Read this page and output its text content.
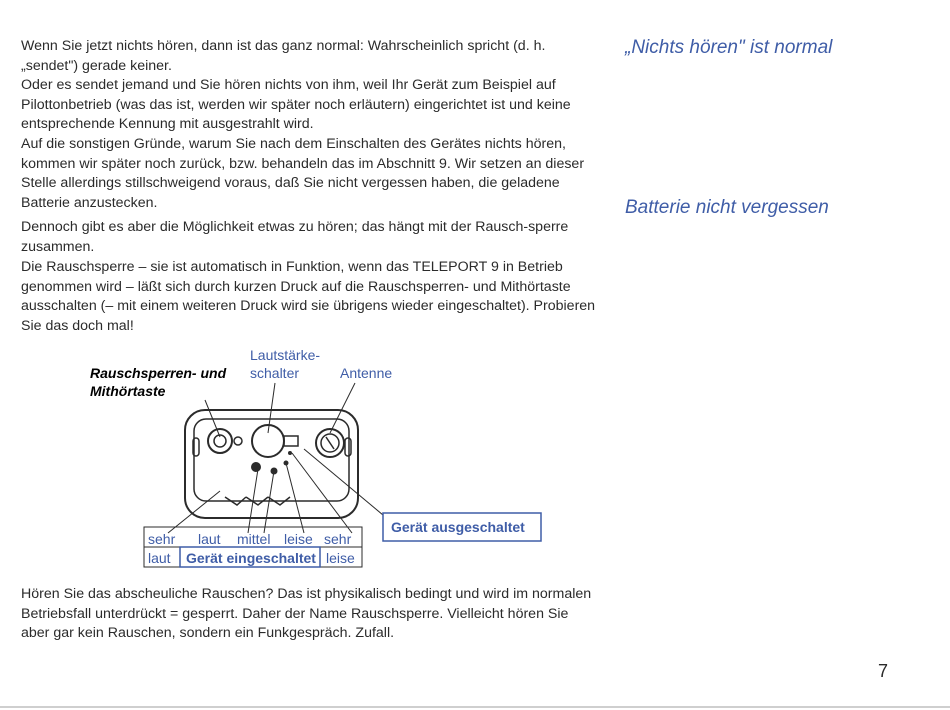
Wenn Sie jetzt nichts hören, dann ist das ganz normal: Wahrscheinlich spricht (d. h. „sendet") gerade keiner.

Oder es sendet jemand und Sie hören nichts von ihm, weil Ihr Gerät zum Beispiel auf Pilottonbetrieb (was das ist, werden wir später noch erläutern) eingerichtet ist und keine entsprechende Kennung mit ausgestrahlt wird.

Auf die sonstigen Gründe, warum Sie nach dem Einschalten des Gerätes nichts hören, kommen wir später noch zurück, bzw. behandeln das im Abschnitt 9. Wir setzen an dieser Stelle allerdings stillschweigend voraus, daß Sie nicht vergessen haben, die geladene Batterie anzustecken.

Dennoch gibt es aber die Möglichkeit etwas zu hören; das hängt mit der Rausch-sperre zusammen.

Die Rauschsperre – sie ist automatisch in Funktion, wenn das TELEPORT 9 in Betrieb genommen wird – läßt sich durch kurzen Druck auf die Rauschsperren- und Mithörtaste ausschalten (– mit einem weiteren Druck wird sie übrigens wieder eingeschaltet). Probieren Sie das doch mal!

„Nichts hören" ist normal

Batterie nicht vergessen

Rauschsperren- und
Mithörtaste
Lautstärke-
schalter	Antenne
sehr laut mittel leise sehr
laut Gerät eingeschaltet leise
Gerät ausgeschaltet

Hören Sie das abscheuliche Rauschen? Das ist physikalisch bedingt und wird im normalen Betriebsfall unterdrückt = gesperrt. Daher der Name Rauschsperre. Vielleicht hören Sie aber gar kein Rauschen, sondern ein Funkgespräch. Zufall.

7
